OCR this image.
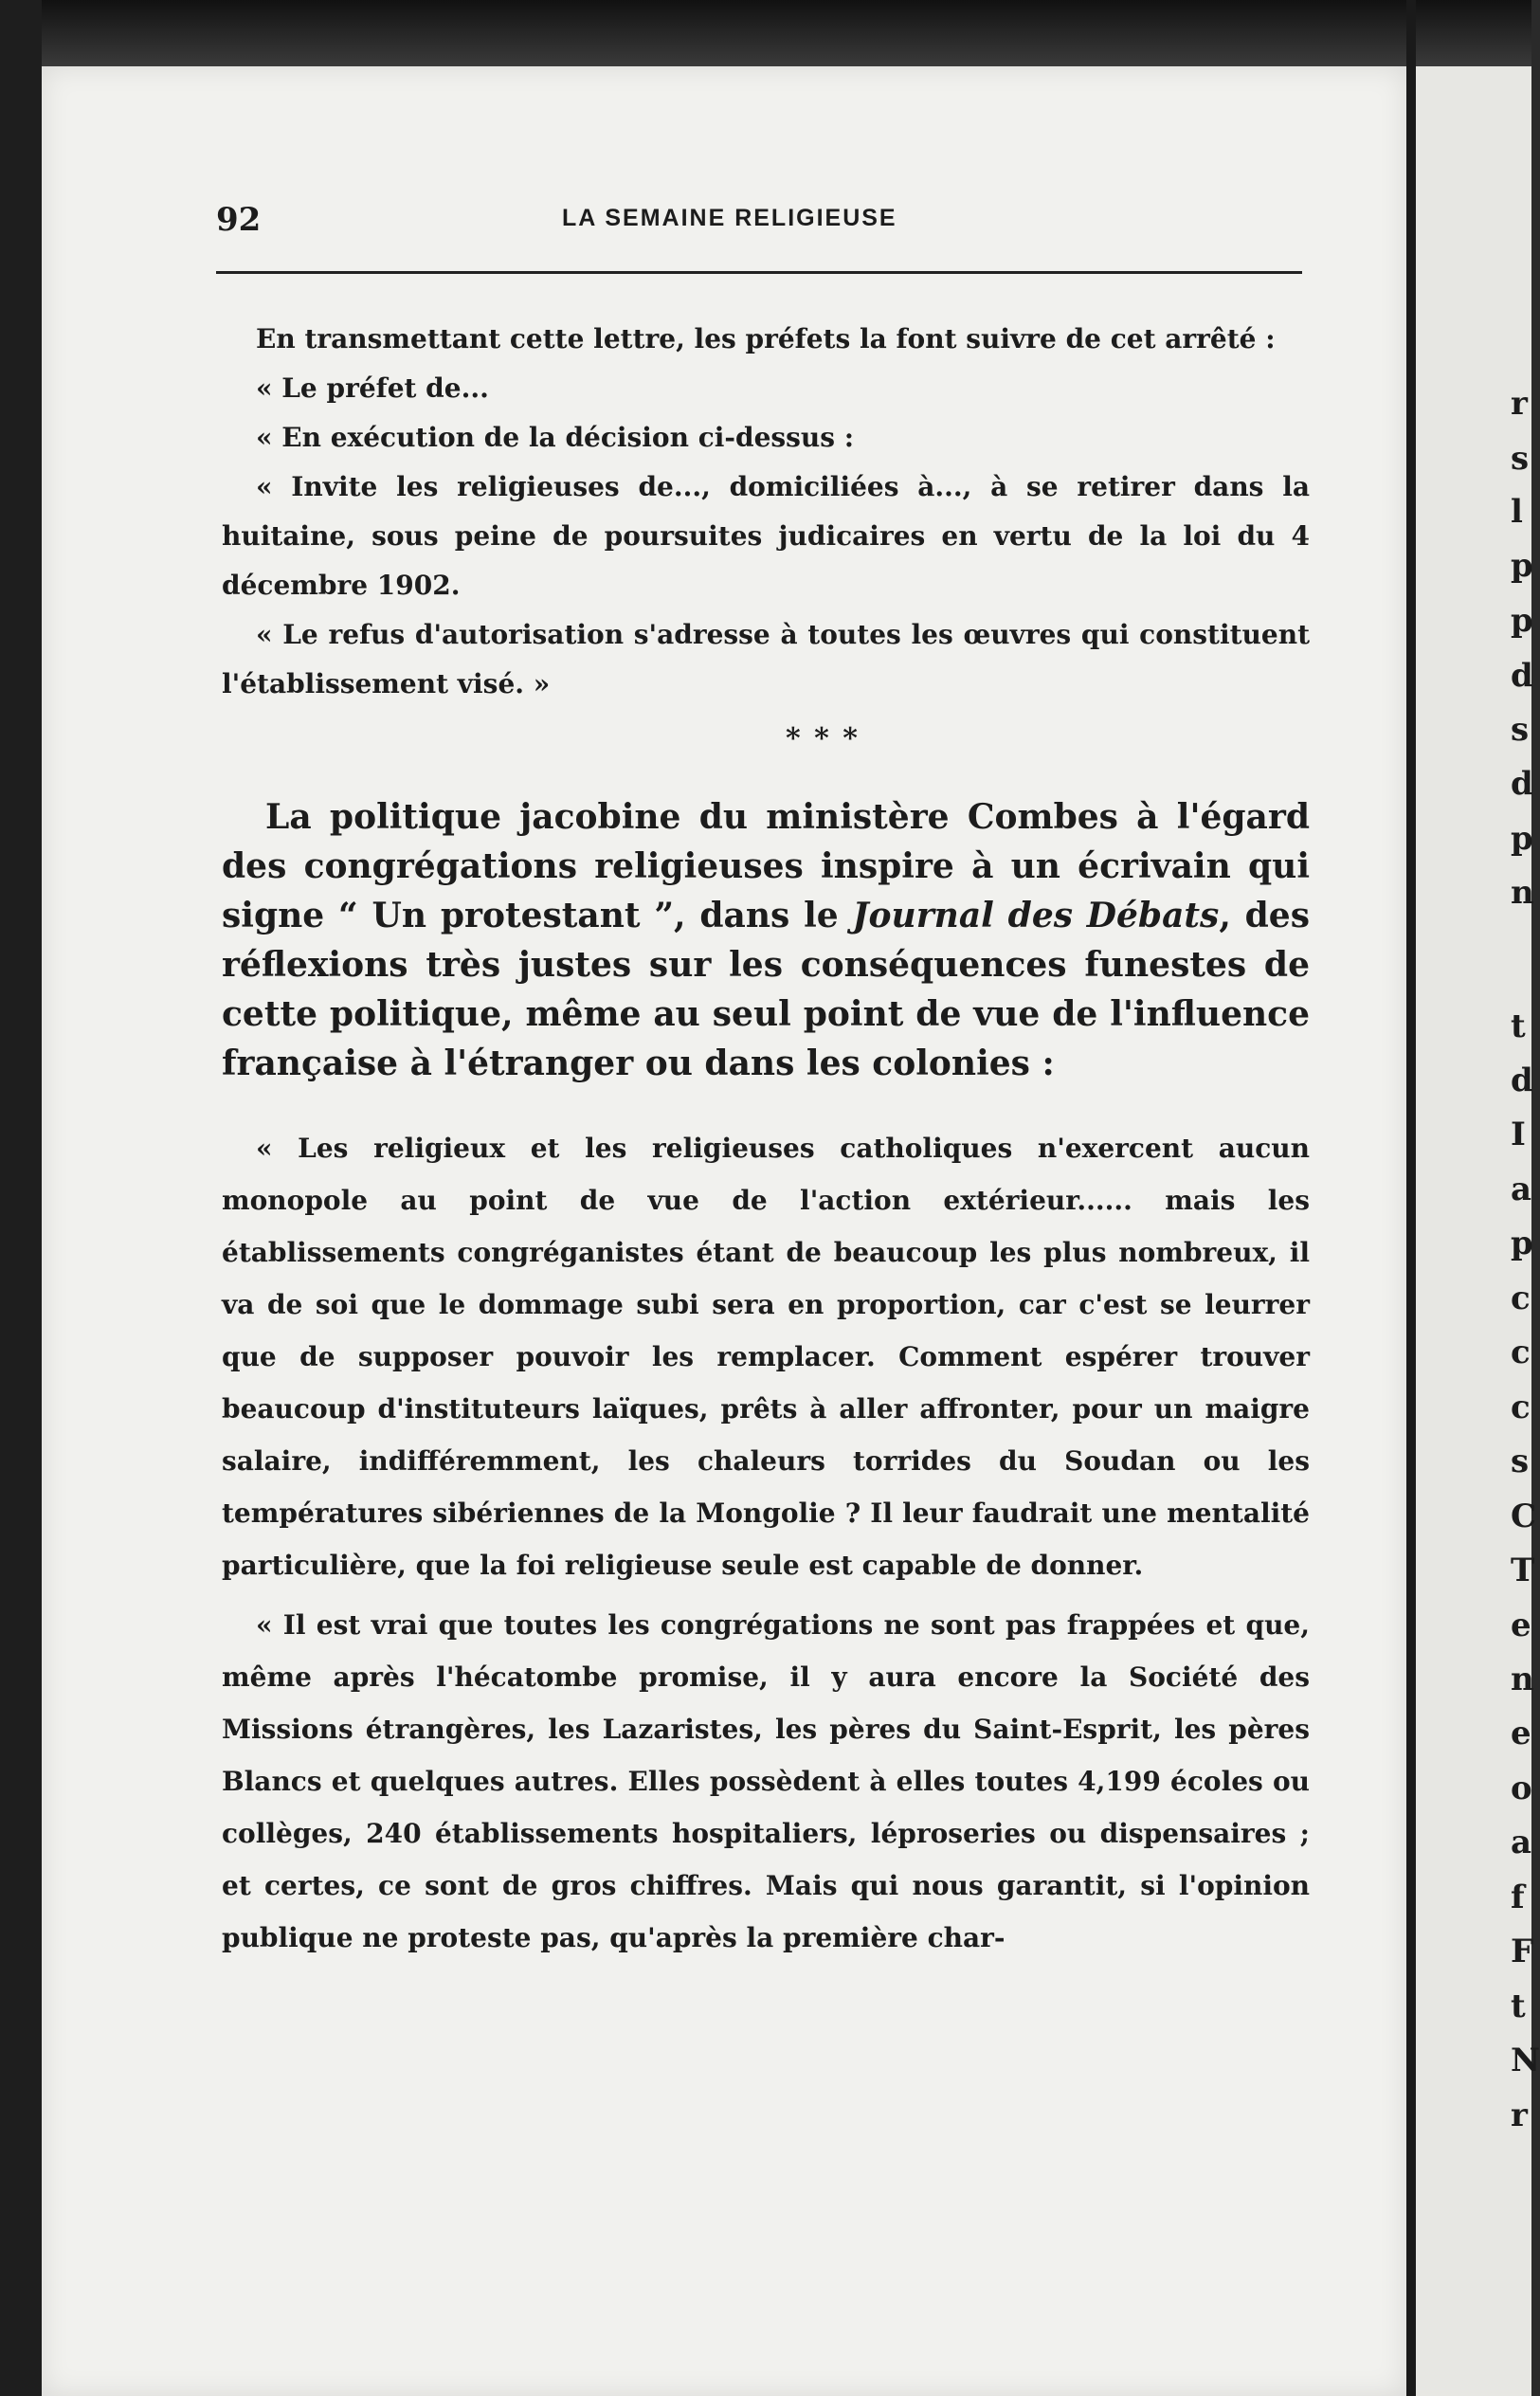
r

s

l

p

p

d

s

d

p

n

t

d

I

a

p

c

c

c

s

C

T

e

n

e

o

a

f

F

t

N

r

92	LA SEMAINE RELIGIEUSE

En transmettant cette lettre, les préfets la font suivre de cet arrêté :

« Le préfet de...

« En exécution de la décision ci-dessus :

« Invite les religieuses de..., domiciliées à..., à se retirer dans la huitaine, sous peine de poursuites judicaires en vertu de la loi du 4 décembre 1902.

« Le refus d'autorisation s'adresse à toutes les œuvres qui constituent l'établissement visé. »

* * *

La politique jacobine du ministère Combes à l'égard des congrégations religieuses inspire à un écrivain qui signe “ Un protestant ”, dans le Journal des Débats, des réflexions très justes sur les conséquences funestes de cette politique, même au seul point de vue de l'influence française à l'étranger ou dans les colonies :

« Les religieux et les religieuses catholiques n'exercent aucun monopole au point de vue de l'action extérieur...... mais les établissements congréganistes étant de beaucoup les plus nombreux, il va de soi que le dommage subi sera en proportion, car c'est se leurrer que de supposer pouvoir les remplacer. Comment espérer trouver beaucoup d'instituteurs laïques, prêts à aller affronter, pour un maigre salaire, indifféremment, les chaleurs torrides du Soudan ou les températures sibériennes de la Mongolie ? Il leur faudrait une mentalité particulière, que la foi religieuse seule est capable de donner.

« Il est vrai que toutes les congrégations ne sont pas frappées et que, même après l'hécatombe promise, il y aura encore la Société des Missions étrangères, les Lazaristes, les pères du Saint-Esprit, les pères Blancs et quelques autres. Elles possèdent à elles toutes 4,199 écoles ou collèges, 240 établissements hospitaliers, léproseries ou dispensaires ; et certes, ce sont de gros chiffres. Mais qui nous garantit, si l'opinion publique ne proteste pas, qu'après la première char-
